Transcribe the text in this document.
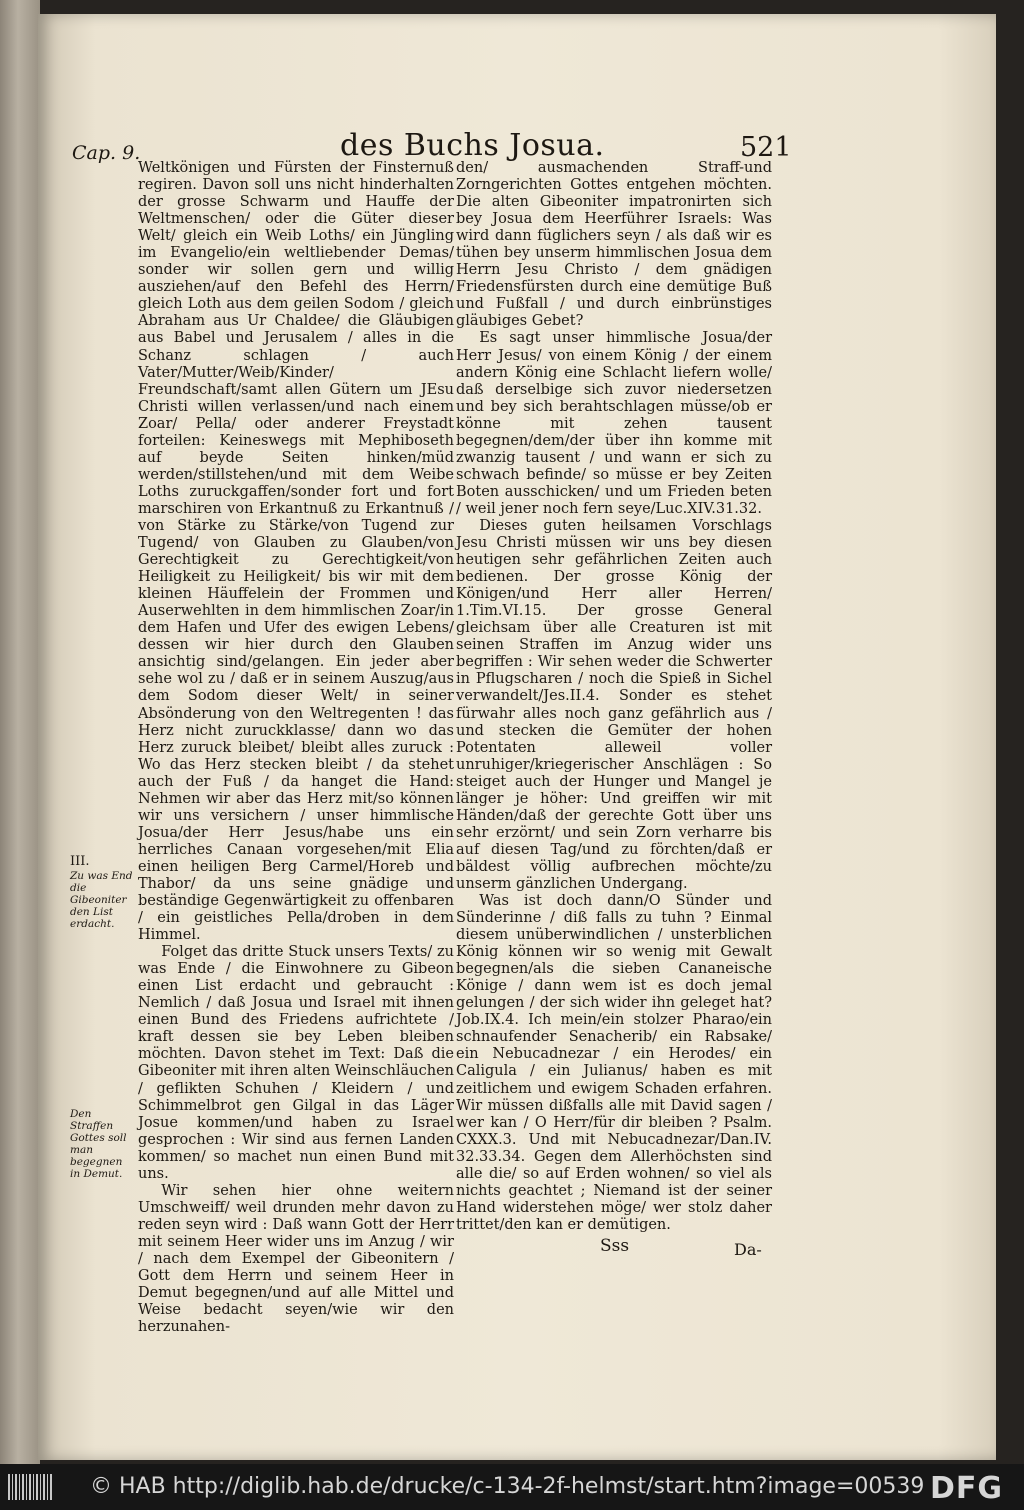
Cap. 9.	des Buchs Josua.	521
III.
Zu was End die Gibeoniter den List erdacht.
Den Straffen Gottes soll man begegnen in Demut.

Weltkönigen und Fürsten der Finsternuß regiren. Davon soll uns nicht hinderhalten der grosse Schwarm und Hauffe der Weltmenschen/ oder die Güter dieser Welt/ gleich ein Weib Loths/ ein Jüngling im Evangelio/ein weltliebender Demas/ sonder wir sollen gern und willig ausziehen/auf den Befehl des Herrn/ gleich Loth aus dem geilen Sodom / gleich Abraham aus Ur Chaldee/ die Gläubigen aus Babel und Jerusalem / alles in die Schanz schlagen / auch Vater/Mutter/Weib/Kinder/ Freundschaft/samt allen Gütern um JEsu Christi willen verlassen/und nach einem Zoar/ Pella/ oder anderer Freystadt forteilen: Keineswegs mit Mephiboseth auf beyde Seiten hinken/müd werden/stillstehen/und mit dem Weibe Loths zuruckgaffen/sonder fort und fort marschiren von Erkantnuß zu Erkantnuß / von Stärke zu Stärke/von Tugend zur Tugend/ von Glauben zu Glauben/von Gerechtigkeit zu Gerechtigkeit/von Heiligkeit zu Heiligkeit/ bis wir mit dem kleinen Häuffelein der Frommen und Auserwehlten in dem himmlischen Zoar/in dem Hafen und Ufer des ewigen Lebens/ dessen wir hier durch den Glauben ansichtig sind/gelangen. Ein jeder aber sehe wol zu / daß er in seinem Auszug/aus dem Sodom dieser Welt/ in seiner Absönderung von den Weltregenten ! das Herz nicht zuruckklasse/ dann wo das Herz zuruck bleibet/ bleibt alles zuruck : Wo das Herz stecken bleibt / da stehet auch der Fuß / da hanget die Hand: Nehmen wir aber das Herz mit/so können wir uns versichern / unser himmlische Josua/der Herr Jesus/habe uns ein herrliches Canaan vorgesehen/mit Elia einen heiligen Berg Carmel/Horeb und Thabor/ da uns seine gnädige und beständige Gegenwärtigkeit zu offenbaren / ein geistliches Pella/droben in dem Himmel.

Folget das dritte Stuck unsers Texts/ zu was Ende / die Einwohnere zu Gibeon einen List erdacht und gebraucht : Nemlich / daß Josua und Israel mit ihnen einen Bund des Friedens aufrichtete / kraft dessen sie bey Leben bleiben möchten. Davon stehet im Text: Daß die Gibeoniter mit ihren alten Weinschläuchen / geflikten Schuhen / Kleidern / und Schimmelbrot gen Gilgal in das Läger Josue kommen/und haben zu Israel gesprochen : Wir sind aus fernen Landen kommen/ so machet nun einen Bund mit uns.

Wir sehen hier ohne weitern Umschweiff/ weil drunden mehr davon zu reden seyn wird : Daß wann Gott der Herr mit seinem Heer wider uns im Anzug / wir / nach dem Exempel der Gibeonitern / Gott dem Herrn und seinem Heer in Demut begegnen/und auf alle Mittel und Weise bedacht seyen/wie wir den herzunahen-

den/ ausmachenden Straff-und Zorngerichten Gottes entgehen möchten. Die alten Gibeoniter impatronirten sich bey Josua dem Heerführer Israels: Was wird dann füglichers seyn / als daß wir es tühen bey unserm himmlischen Josua dem Herrn Jesu Christo / dem gnädigen Friedensfürsten durch eine demütige Buß und Fußfall / und durch einbrünstiges gläubiges Gebet?

Es sagt unser himmlische Josua/der Herr Jesus/ von einem König / der einem andern König eine Schlacht liefern wolle/ daß derselbige sich zuvor niedersetzen und bey sich berahtschlagen müsse/ob er könne mit zehen tausent begegnen/dem/der über ihn komme mit zwanzig tausent / und wann er sich zu schwach befinde/ so müsse er bey Zeiten Boten ausschicken/ und um Frieden beten / weil jener noch fern seye/Luc.XIV.31.32.

Dieses guten heilsamen Vorschlags Jesu Christi müssen wir uns bey diesen heutigen sehr gefährlichen Zeiten auch bedienen. Der grosse König der Königen/und Herr aller Herren/ 1.Tim.VI.15. Der grosse General gleichsam über alle Creaturen ist mit seinen Straffen im Anzug wider uns begriffen : Wir sehen weder die Schwerter in Pflugscharen / noch die Spieß in Sichel verwandelt/Jes.II.4. Sonder es stehet fürwahr alles noch ganz gefährlich aus / und stecken die Gemüter der hohen Potentaten alleweil voller unruhiger/kriegerischer Anschlägen : So steiget auch der Hunger und Mangel je länger je höher: Und greiffen wir mit Händen/daß der gerechte Gott über uns sehr erzörnt/ und sein Zorn verharre bis auf diesen Tag/und zu förchten/daß er bäldest völlig aufbrechen möchte/zu unserm gänzlichen Undergang.

Was ist doch dann/O Sünder und Sünderinne / diß falls zu tuhn ? Einmal diesem unüberwindlichen / unsterblichen König können wir so wenig mit Gewalt begegnen/als die sieben Cananeische Könige / dann wem ist es doch jemal gelungen / der sich wider ihn geleget hat? Job.IX.4. Ich mein/ein stolzer Pharao/ein schnaufender Senacherib/ ein Rabsake/ ein Nebucadnezar / ein Herodes/ ein Caligula / ein Julianus/ haben es mit zeitlichem und ewigem Schaden erfahren. Wir müssen dißfalls alle mit David sagen / wer kan / O Herr/für dir bleiben ? Psalm. CXXX.3. Und mit Nebucadnezar/Dan.IV. 32.33.34. Gegen dem Allerhöchsten sind alle die/ so auf Erden wohnen/ so viel als nichts geachtet ; Niemand ist der seiner Hand widerstehen möge/ wer stolz daher trittet/den kan er demütigen.

Sss	Da-
© HAB http://diglib.hab.de/drucke/c-134-2f-helmst/start.htm?image=00539 DFG
